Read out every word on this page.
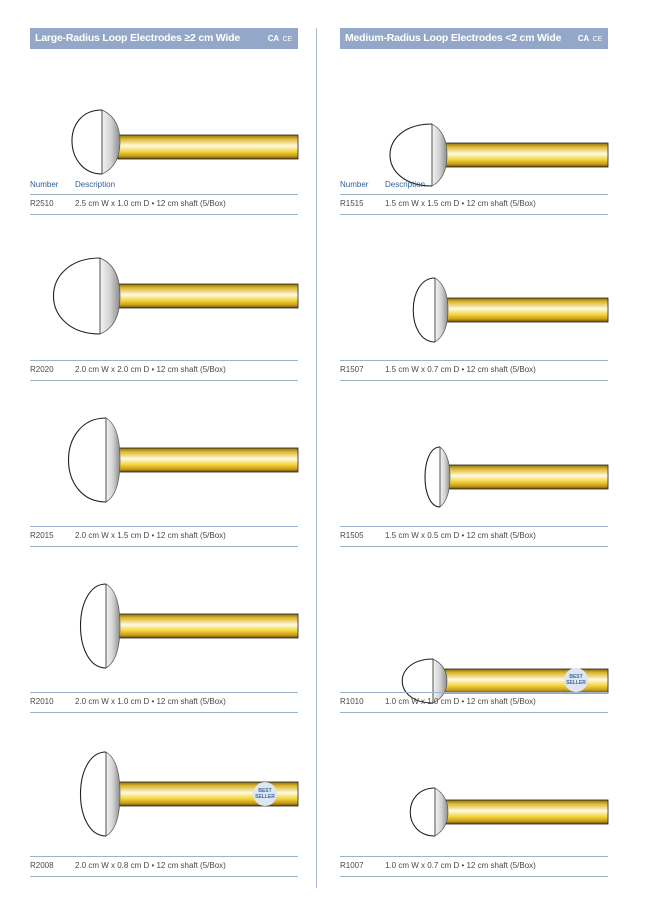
Large-Radius Loop Electrodes ≥2 cm Wide	CA CE
Number Description
R2510	2.5 cm W x 1.0 cm D • 12 cm shaft (5/Box)
R2020	2.0 cm W x 2.0 cm D • 12 cm shaft (5/Box)
R2015	2.0 cm W x 1.5 cm D • 12 cm shaft (5/Box)
R2010	2.0 cm W x 1.0 cm D • 12 cm shaft (5/Box)
BEST SELLER
R2008	2.0 cm W x 0.8 cm D • 12 cm shaft (5/Box)
Medium-Radius Loop Electrodes <2 cm Wide CA CE
Number Description
R1515	1.5 cm W x 1.5 cm D • 12 cm shaft (5/Box)
R1507	1.5 cm W x 0.7 cm D • 12 cm shaft (5/Box)
R1505	1.5 cm W x 0.5 cm D • 12 cm shaft (5/Box)
BEST SELLER
R1010	1.0 cm W x 1.0 cm D • 12 cm shaft (5/Box)
R1007	1.0 cm W x 0.7 cm D • 12 cm shaft (5/Box)
